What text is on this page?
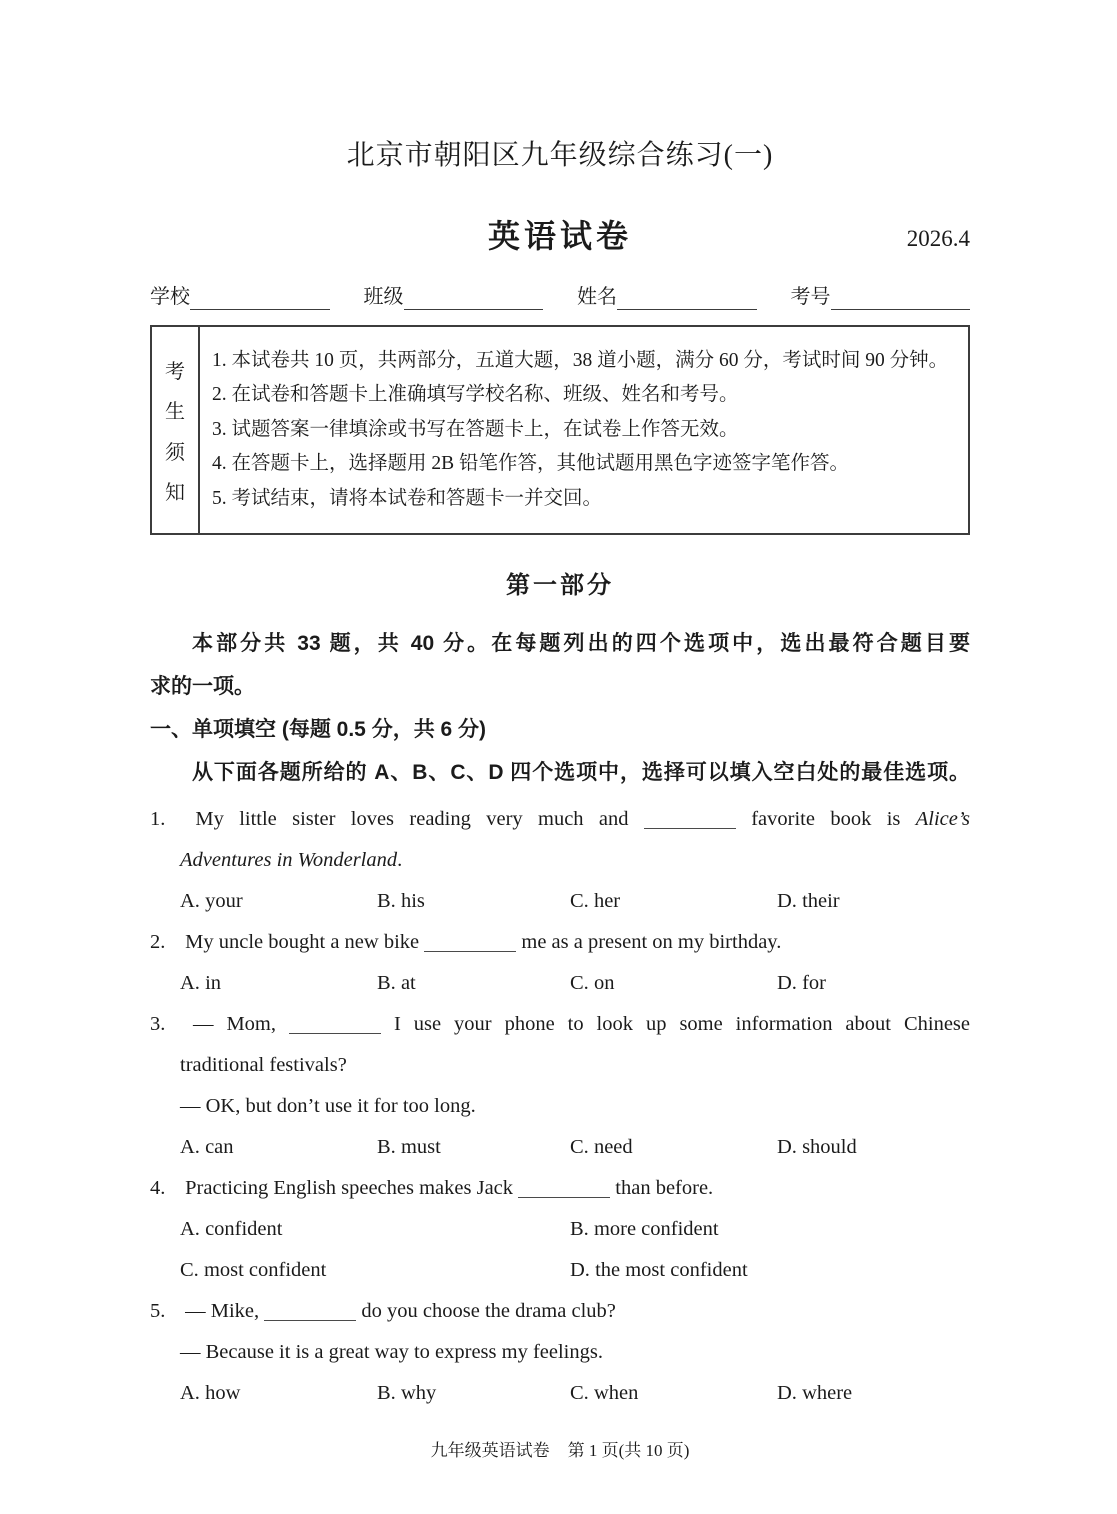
北京市朝阳区九年级综合练习(一)
英语试卷	2026.4
学校	班级	姓名	考号
考
生
须
知
1. 本试卷共 10 页，共两部分，五道大题，38 道小题，满分 60 分，考试时间 90 分钟。
2. 在试卷和答题卡上准确填写学校名称、班级、姓名和考号。
3. 试题答案一律填涂或书写在答题卡上，在试卷上作答无效。
4. 在答题卡上，选择题用 2B 铅笔作答，其他试题用黑色字迹签字笔作答。
5. 考试结束，请将本试卷和答题卡一并交回。
第一部分
本部分共 33 题，共 40 分。在每题列出的四个选项中，选出最符合题目要
求的一项。
一、单项填空 (每题 0.5 分，共 6 分)
从下面各题所给的 A、B、C、D 四个选项中，选择可以填入空白处的最佳选项。
1. My little sister loves reading very much and	favorite book is Alice’s
Adventures in Wonderland.
A. your	B. his	C. her	D. their
2. My uncle bought a new bike	me as a present on my birthday.
A. in	B. at	C. on	D. for
3. — Mom,	I use your phone to look up some information about Chinese
traditional festivals?
— OK, but don’t use it for too long.
A. can	B. must	C. need	D. should
4. Practicing English speeches makes Jack	than before.
A. confident	B. more confident
C. most confident	D. the most confident
5. — Mike,	do you choose the drama club?
— Because it is a great way to express my feelings.
A. how	B. why	C. when	D. where
九年级英语试卷 第 1 页(共 10 页)
